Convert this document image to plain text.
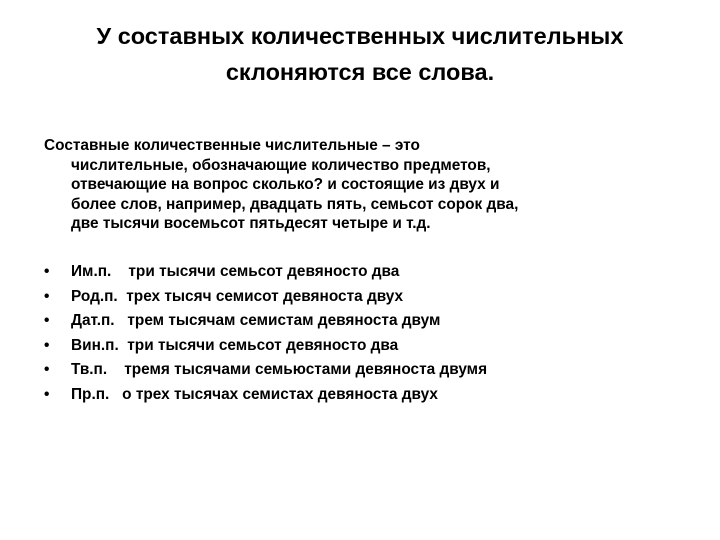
У составных количественных числительных
склоняются все слова.
Составные количественные числительные – это
числительные, обозначающие количество предметов,
отвечающие на вопрос сколько? и состоящие из двух и
более слов, например, двадцать пять, семьсот сорок два,
две тысячи восемьсот пятьдесят четыре и т.д.
• Им.п.    три тысячи семьсот девяносто два
• Род.п.  трех тысяч семисот девяноста двух
• Дат.п.   трем тысячам семистам девяноста двум
• Вин.п.  три тысячи семьсот девяносто два
• Тв.п.    тремя тысячами семьюстами девяноста двумя
• Пр.п.   о трех тысячах семистах девяноста двух
